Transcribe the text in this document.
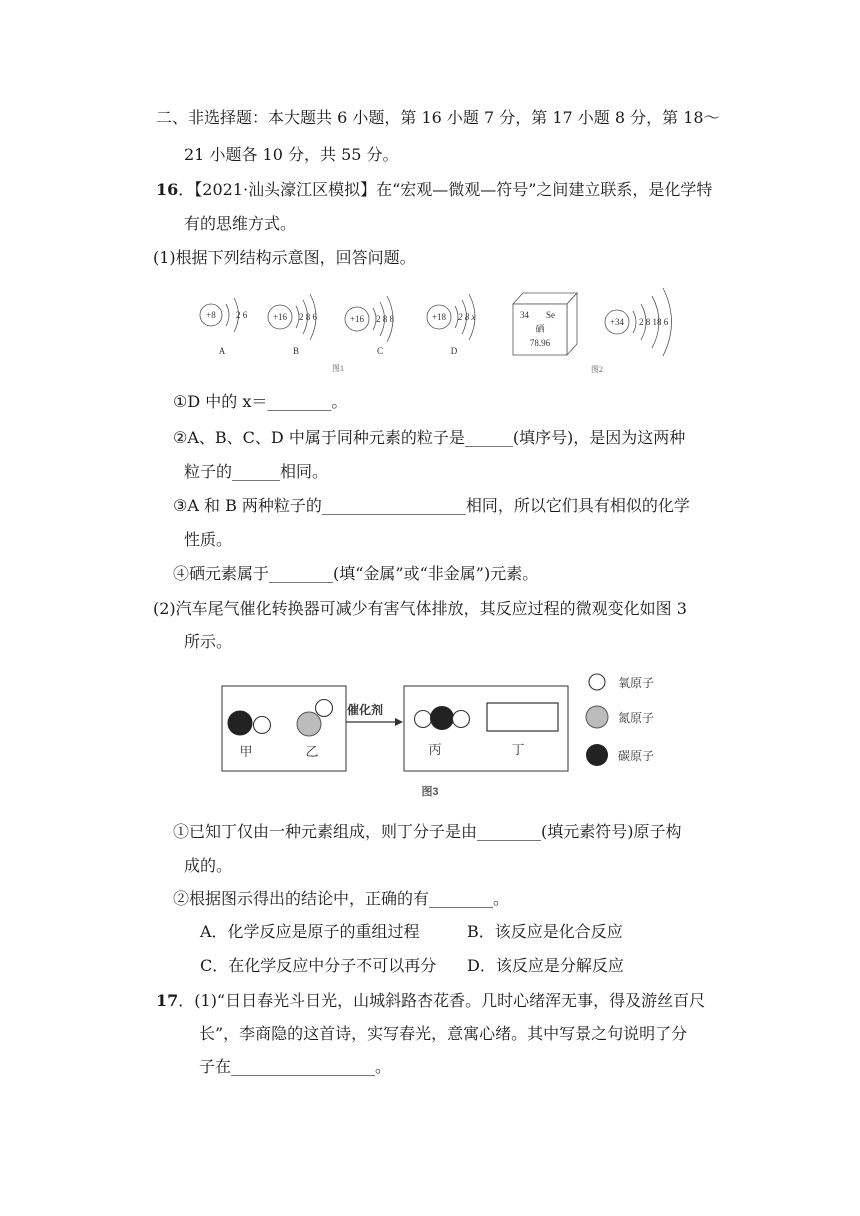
二、非选择题：本大题共 6 小题，第 16 小题 7 分，第 17 小题 8 分，第 18～
21 小题各 10 分，共 55 分。
16．【2021·汕头濠江区模拟】在“宏观—微观—符号”之间建立联系，是化学特
有的思维方式。
(1)根据下列结构示意图，回答问题。
+8 2 6
A
+16 2 8 6
B
+16 2 8 8
C
+18 2 8 x
D
图1
34 Se
硒
78.96
+34 2 8 18 6
图2
①D 中的 x＝________。
②A、B、C、D 中属于同种元素的粒子是______(填序号)，是因为这两种
粒子的______相同。
③A 和 B 两种粒子的__________________相同，所以它们具有相似的化学
性质。
④硒元素属于________(填“金属”或“非金属”)元素。
(2)汽车尾气催化转换器可减少有害气体排放，其反应过程的微观变化如图 3
所示。
甲	乙
催化剂
丙	丁
氧原子
氮原子
碳原子
图3
①已知丁仅由一种元素组成，则丁分子是由________(填元素符号)原子构
成的。
②根据图示得出的结论中，正确的有________。
A．化学反应是原子的重组过程	B．该反应是化合反应
C．在化学反应中分子不可以再分 D．该反应是分解反应
17．(1)“日日春光斗日光，山城斜路杏花香。几时心绪浑无事，得及游丝百尺
长”，李商隐的这首诗，实写春光，意寓心绪。其中写景之句说明了分
子在__________________。
